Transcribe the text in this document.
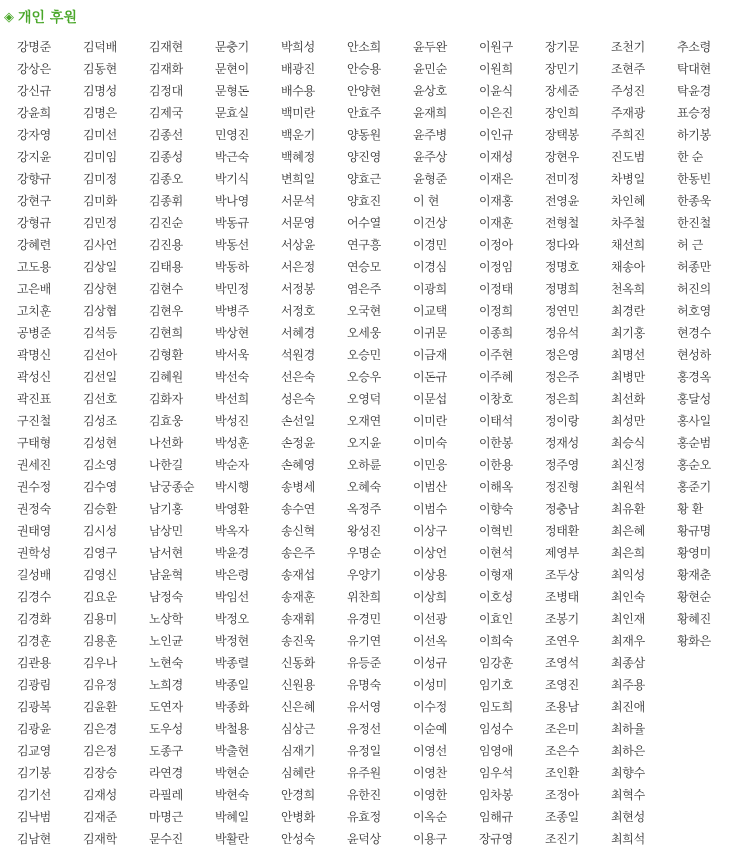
◈ 개인 후원
강명준	김덕배	김재현	문충기	박희성	안소희	윤두완	이원구	장기문	조천기	추소령
강상은	김동현	김재화	문현이	배광진	안승용	윤민순	이원희	장민기	조현주	탁대현
강신규	김명성	김정대	문형돈	배수용	안양현	윤상호	이윤식	장세준	주성진	탁윤경
강윤희	김명은	김제국	문효실	백미란	안효주	윤재희	이은진	장인희	주재광	표승정
강자영	김미선	김종선	민영진	백운기	양동원	윤주병	이인규	장택봉	주희진	하기봉
강지윤	김미임	김종성	박근숙	백혜정	양진영	윤주상	이재성	장현우	진도범	한 순
강향규	김미정	김종오	박기식	변희일	양효근	윤형준	이재은	전미정	차병일	한동빈
강현구	김미화	김종휘	박나영	서문석	양효진	이 현	이재홍	전영윤	차인혜	한종욱
강형규	김민정	김진순	박동규	서문영	어수열	이건상	이재훈	전형철	차주철	한진철
강혜련	김사언	김진용	박동선	서상윤	연구흥	이경민	이정아	정다와	채선희	허 근
고도용	김상일	김태용	박동하	서은정	연승모	이경심	이정임	정명호	채송아	허종만
고은배	김상현	김현수	박민정	서정봉	염은주	이광희	이정태	정명희	천옥희	허진의
고치훈	김상협	김현우	박병주	서정호	오국현	이교택	이정희	정연민	최경란	허호영
공병준	김석등	김현희	박상현	서혜경	오세웅	이귀문	이종희	정유석	최기홍	현경수
곽명신	김선아	김형환	박서욱	석원경	오승민	이금재	이주현	정은영	최명선	현성하
곽성신	김선일	김혜원	박선숙	선은숙	오승우	이돈규	이주혜	정은주	최병만	홍경옥
곽진표	김선호	김화자	박선희	성은숙	오영덕	이문섭	이창호	정은희	최선화	홍달성
구진철	김성조	김효웅	박성진	손선일	오재연	이미란	이태석	정이랑	최성만	홍사일
구태형	김성현	나선화	박성훈	손정윤	오지윤	이미숙	이한봉	정재성	최승식	홍순범
권세진	김소영	나한길	박순자	손혜영	오하륜	이민응	이한용	정주영	최신정	홍순오
권수정	김수영	남궁종순	박시행	송병세	오혜숙	이범산	이해옥	정진형	최원석	홍준기
권정숙	김승환	남기홍	박영환	송수연	옥정주	이범수	이향숙	정충남	최유환	황 환
권태영	김시성	남상민	박옥자	송신혁	왕성진	이상구	이혁빈	정태환	최은혜	황규명
권학성	김영구	남서현	박윤경	송은주	우명순	이상언	이현석	제영부	최은희	황영미
길성배	김영신	남윤혁	박은령	송재섭	우양기	이상용	이형재	조두상	최익성	황재춘
김경수	김요운	남정숙	박임선	송재훈	위찬희	이상희	이호성	조병태	최인숙	황현순
김경화	김용미	노상학	박정오	송재휘	유경민	이선광	이효인	조봉기	최인재	황혜진
김경훈	김용훈	노인균	박정현	송진욱	유기연	이선옥	이희숙	조연우	최재우	황화은
김관용	김우나	노현숙	박종렬	신동화	유등준	이성규	임강훈	조영석	최종삼
김광림	김유정	노희경	박종일	신원용	유명숙	이성미	임기호	조영진	최주용
김광복	김윤환	도연자	박종화	신은혜	유서영	이수정	임도희	조용남	최진애
김광윤	김은경	도우성	박철용	심상근	유정선	이순예	임성수	조은미	최하율
김교영	김은정	도종구	박출현	심재기	유정일	이영선	임영애	조은수	최하은
김기봉	김장승	라연경	박현순	심혜란	유주원	이영찬	임우석	조인환	최향수
김기선	김재성	라필레	박현숙	안경희	유한진	이영한	임차봉	조정아	최혁수
김낙범	김재준	마명근	박혜일	안병화	유효정	이옥순	임해규	조종일	최현성
김남현	김재학	문수진	박활란	안성숙	윤덕상	이용구	장규영	조진기	최희석
